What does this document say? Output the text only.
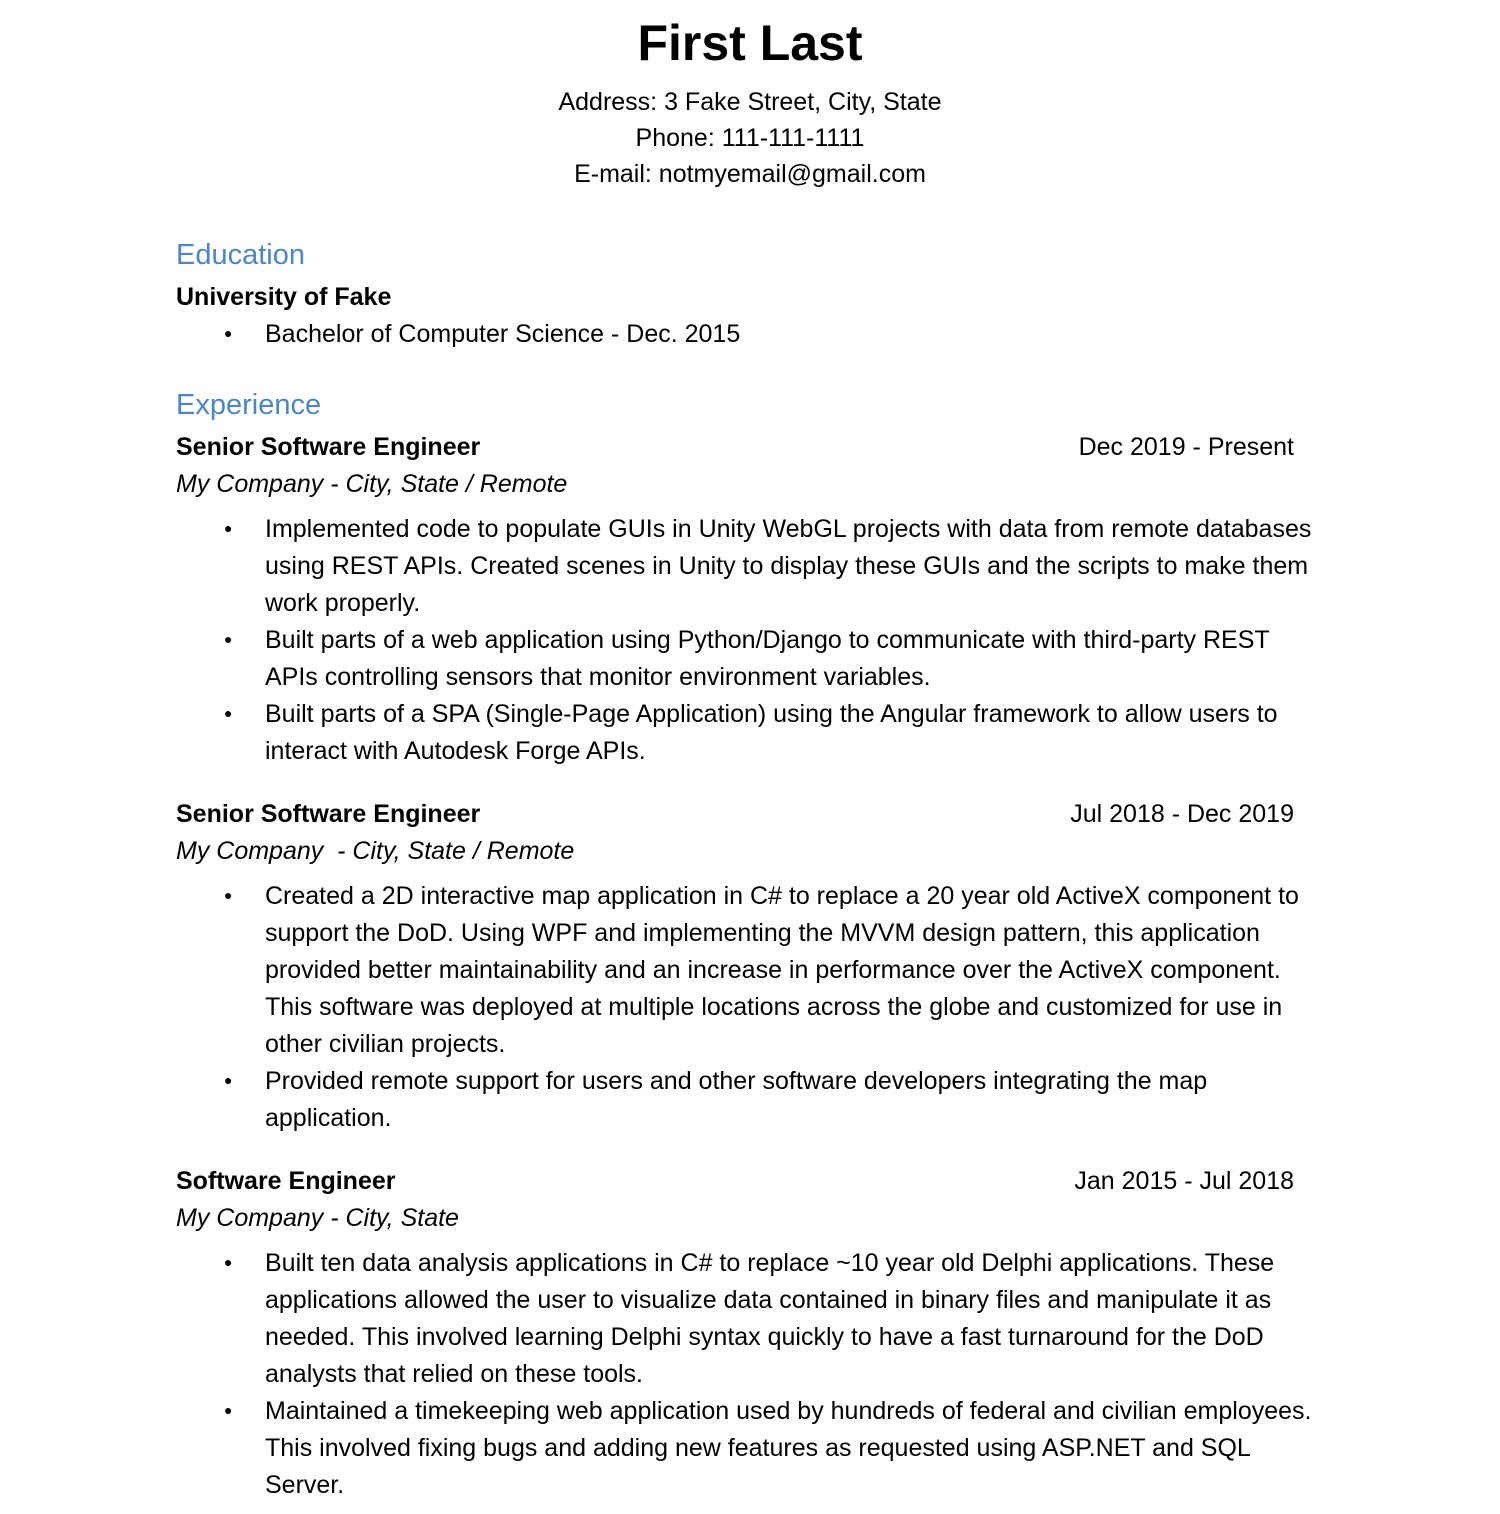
First Last
Address: 3 Fake Street, City, State
Phone: 111-111-1111
E-mail: notmyemail@gmail.com
Education
University of Fake
● Bachelor of Computer Science - Dec. 2015
Experience
Senior Software Engineer	Dec 2019 - Present
My Company - City, State / Remote
● Implemented code to populate GUIs in Unity WebGL projects with data from remote databases using REST APIs. Created scenes in Unity to display these GUIs and the scripts to make them work properly.
● Built parts of a web application using Python/Django to communicate with third-party REST APIs controlling sensors that monitor environment variables.
● Built parts of a SPA (Single-Page Application) using the Angular framework to allow users to interact with Autodesk Forge APIs.
Senior Software Engineer	Jul 2018 - Dec 2019
My Company  - City, State / Remote
● Created a 2D interactive map application in C# to replace a 20 year old ActiveX component to support the DoD. Using WPF and implementing the MVVM design pattern, this application provided better maintainability and an increase in performance over the ActiveX component. This software was deployed at multiple locations across the globe and customized for use in other civilian projects.
● Provided remote support for users and other software developers integrating the map application.
Software Engineer	Jan 2015 - Jul 2018
My Company - City, State
● Built ten data analysis applications in C# to replace ~10 year old Delphi applications. These applications allowed the user to visualize data contained in binary files and manipulate it as needed. This involved learning Delphi syntax quickly to have a fast turnaround for the DoD analysts that relied on these tools.
● Maintained a timekeeping web application used by hundreds of federal and civilian employees. This involved fixing bugs and adding new features as requested using ASP.NET and SQL Server.
